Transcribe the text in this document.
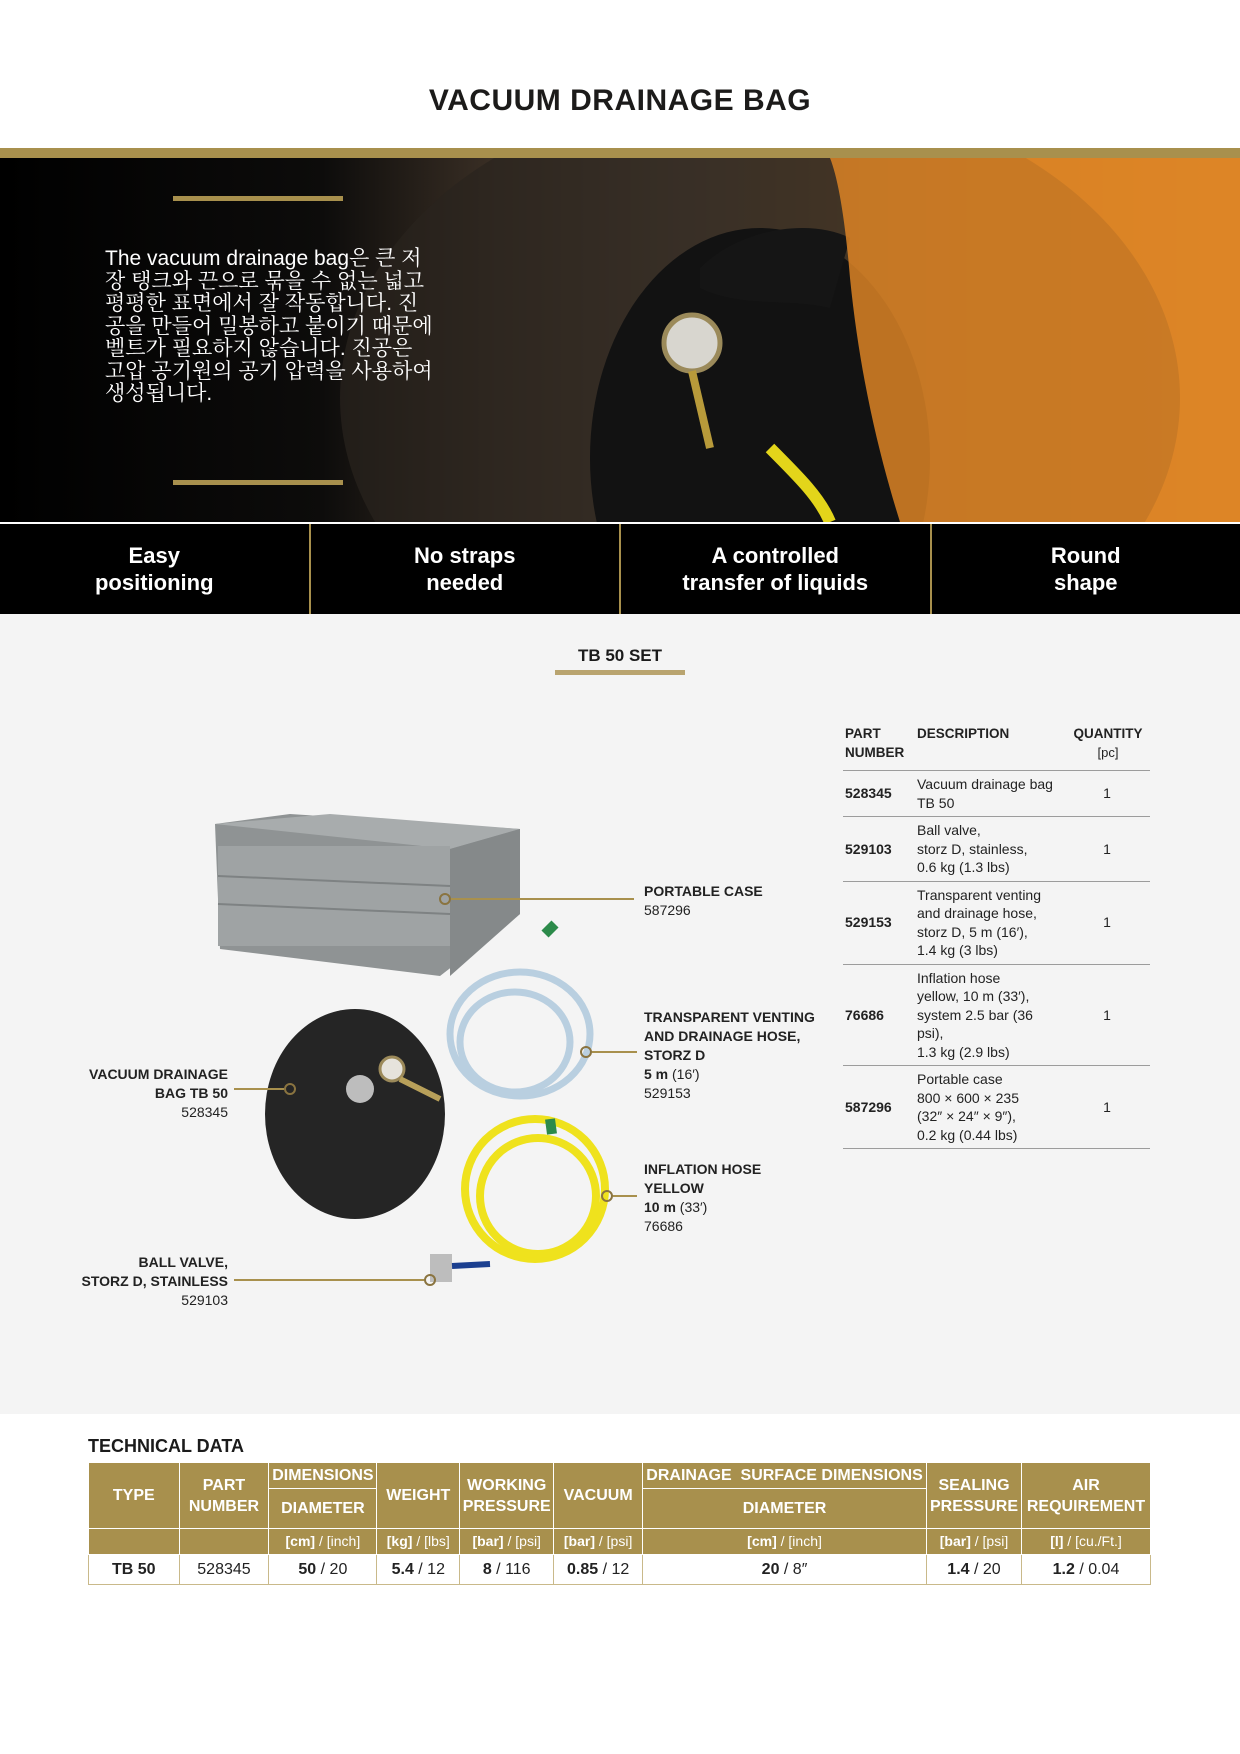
VACUUM DRAINAGE BAG
The vacuum drainage bag은 큰 저장 탱크와 끈으로 묶을 수 없는 넓고 평평한 표면에서 잘 작동합니다. 진공을 만들어 밀봉하고 붙이기 때문에 벨트가 필요하지 않습니다. 진공은 고압 공기원의 공기 압력을 사용하여 생성됩니다.
Easy
positioning
No straps
needed
A controlled
transfer of liquids
Round
shape
TB 50 SET
PORTABLE CASE
587296
TRANSPARENT VENTING
AND DRAINAGE HOSE,
STORZ D
5 m (16′)
529153
VACUUM DRAINAGE
BAG TB 50
528345
INFLATION HOSE
YELLOW
10 m (33′)
76686
BALL VALVE,
STORZ D, STAINLESS
529103
PART NUMBER	DESCRIPTION	QUANTITY
[pc]

528345	Vacuum drainage bag
TB 50	1
529103	Ball valve,
storz D, stainless,
0.6 kg (1.3 lbs)	1
529153	Transparent venting
and drainage hose,
storz D, 5 m (16′),
1.4 kg (3 lbs)	1
76686	Inflation hose
yellow, 10 m (33′),
system 2.5 bar (36 psi),
1.3 kg (2.9 lbs)	1
587296	Portable case
800 × 600 × 235
(32″ × 24″ × 9″),
0.2 kg (0.44 lbs)	1
TECHNICAL DATA
TYPE	PART NUMBER	DIMENSIONS	WEIGHT	WORKING PRESSURE	VACUUM	DRAINAGE  SURFACE DIMENSIONS	SEALING PRESSURE	AIR REQUIREMENT
		DIAMETER				DIAMETER		
		[cm] / [inch]	[kg] / [lbs]	[bar] / [psi]	[bar] / [psi]	[cm] / [inch]	[bar] / [psi]	[l] / [cu./Ft.]
TB 50	528345	50 / 20	5.4 / 12	8 / 116	0.85 / 12	20 / 8″	1.4 / 20	1.2 / 0.04
